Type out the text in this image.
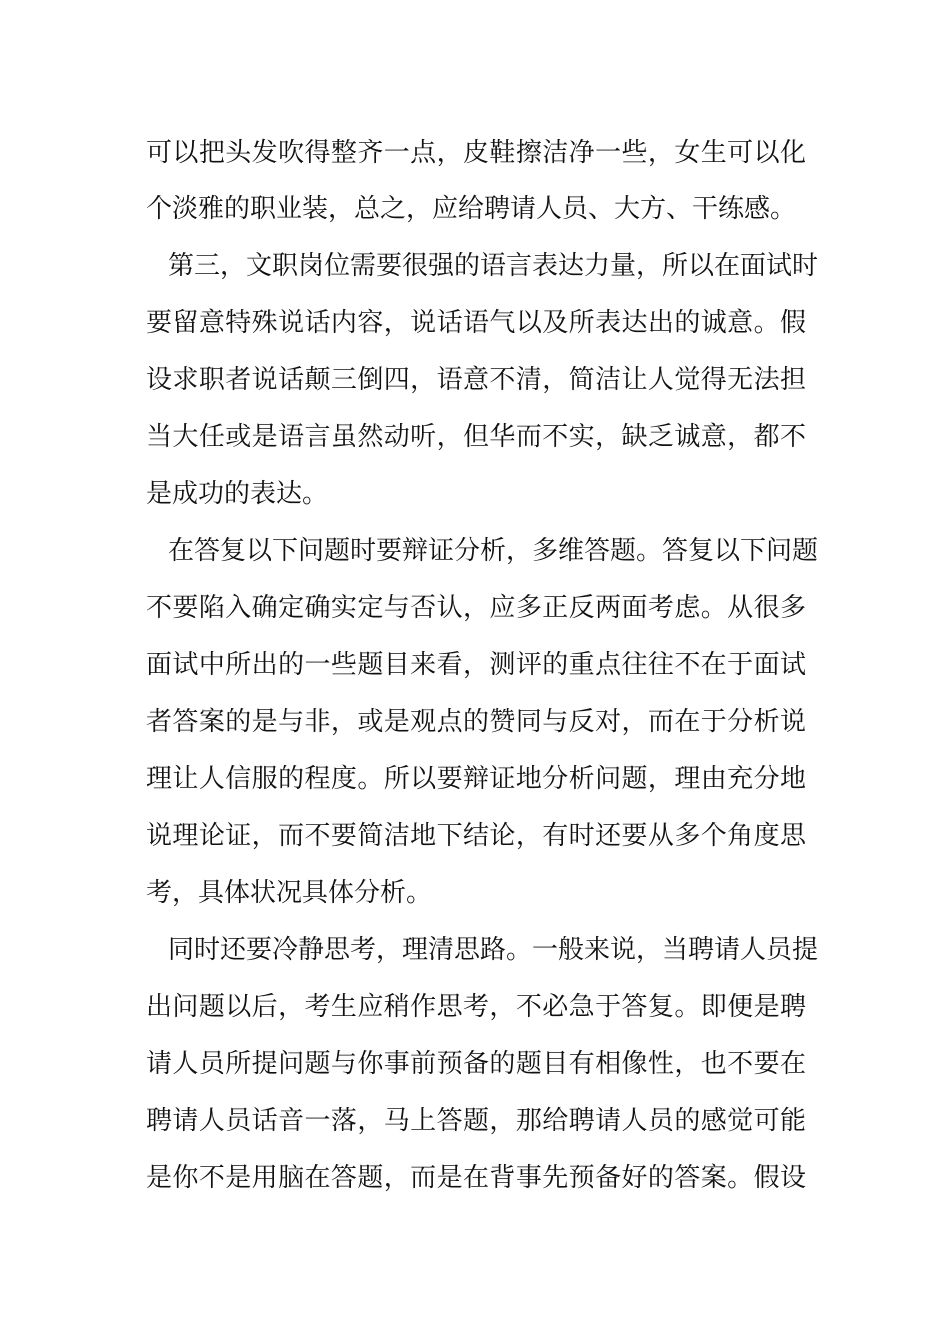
可以把头发吹得整齐一点，皮鞋擦洁净一些，女生可以化
个淡雅的职业装，总之，应给聘请人员、大方、干练感。
第三，文职岗位需要很强的语言表达力量，所以在面试时
要留意特殊说话内容，说话语气以及所表达出的诚意。假
设求职者说话颠三倒四，语意不清，简洁让人觉得无法担
当大任或是语言虽然动听，但华而不实，缺乏诚意，都不
是成功的表达。
在答复以下问题时要辩证分析，多维答题。答复以下问题
不要陷入确定确实定与否认，应多正反两面考虑。从很多
面试中所出的一些题目来看，测评的重点往往不在于面试
者答案的是与非，或是观点的赞同与反对，而在于分析说
理让人信服的程度。所以要辩证地分析问题，理由充分地
说理论证，而不要简洁地下结论，有时还要从多个角度思
考，具体状况具体分析。
同时还要冷静思考，理清思路。一般来说，当聘请人员提
出问题以后，考生应稍作思考，不必急于答复。即便是聘
请人员所提问题与你事前预备的题目有相像性，也不要在
聘请人员话音一落，马上答题，那给聘请人员的感觉可能
是你不是用脑在答题，而是在背事先预备好的答案。假设
